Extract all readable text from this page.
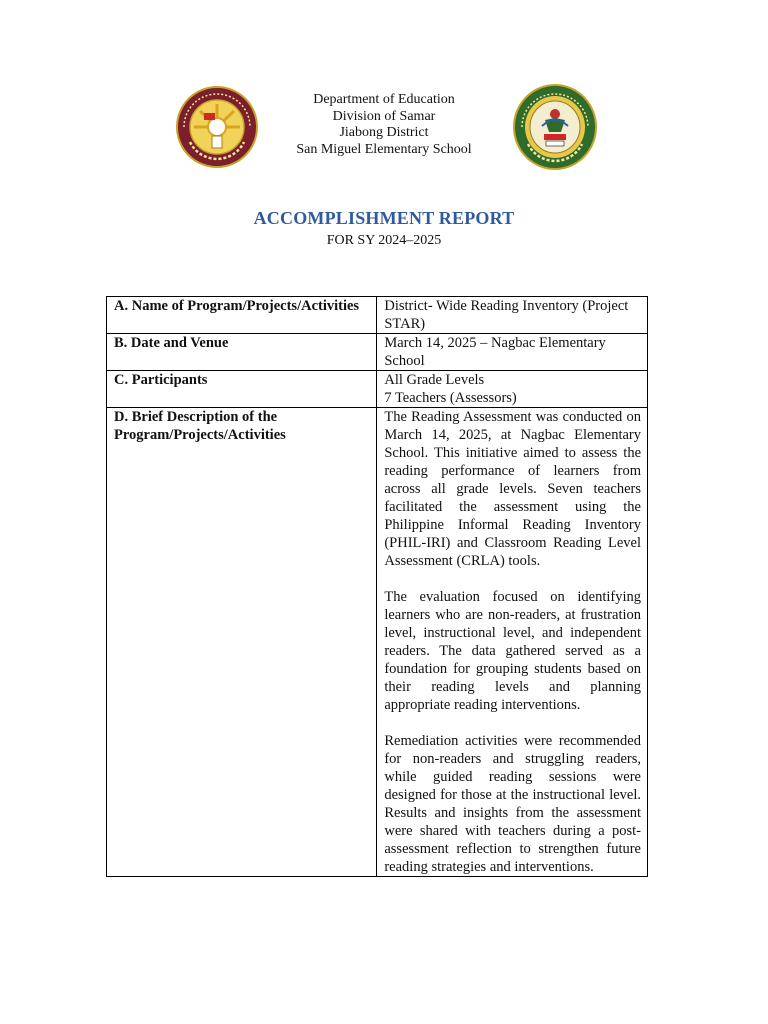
Department of Education
Division of Samar
Jiabong District
San Miguel Elementary School
ACCOMPLISHMENT REPORT
FOR SY 2024–2025
A. Name of Program/Projects/Activities	District- Wide Reading Inventory (Project STAR)

B. Date and Venue	March 14, 2025 – Nagbac Elementary School

C. Participants	All Grade Levels
7 Teachers (Assessors)

D. Brief Description of the Program/Projects/Activities	The Reading Assessment was conducted on March 14, 2025, at Nagbac Elementary School. This initiative aimed to assess the reading performance of learners from across all grade levels. Seven teachers facilitated the assessment using the Philippine Informal Reading Inventory (PHIL-IRI) and Classroom Reading Level Assessment (CRLA) tools.

The evaluation focused on identifying learners who are non-readers, at frustration level, instructional level, and independent readers. The data gathered served as a foundation for grouping students based on their reading levels and planning appropriate reading interventions.

Remediation activities were recommended for non-readers and struggling readers, while guided reading sessions were designed for those at the instructional level. Results and insights from the assessment were shared with teachers during a post-assessment reflection to strengthen future reading strategies and interventions.
